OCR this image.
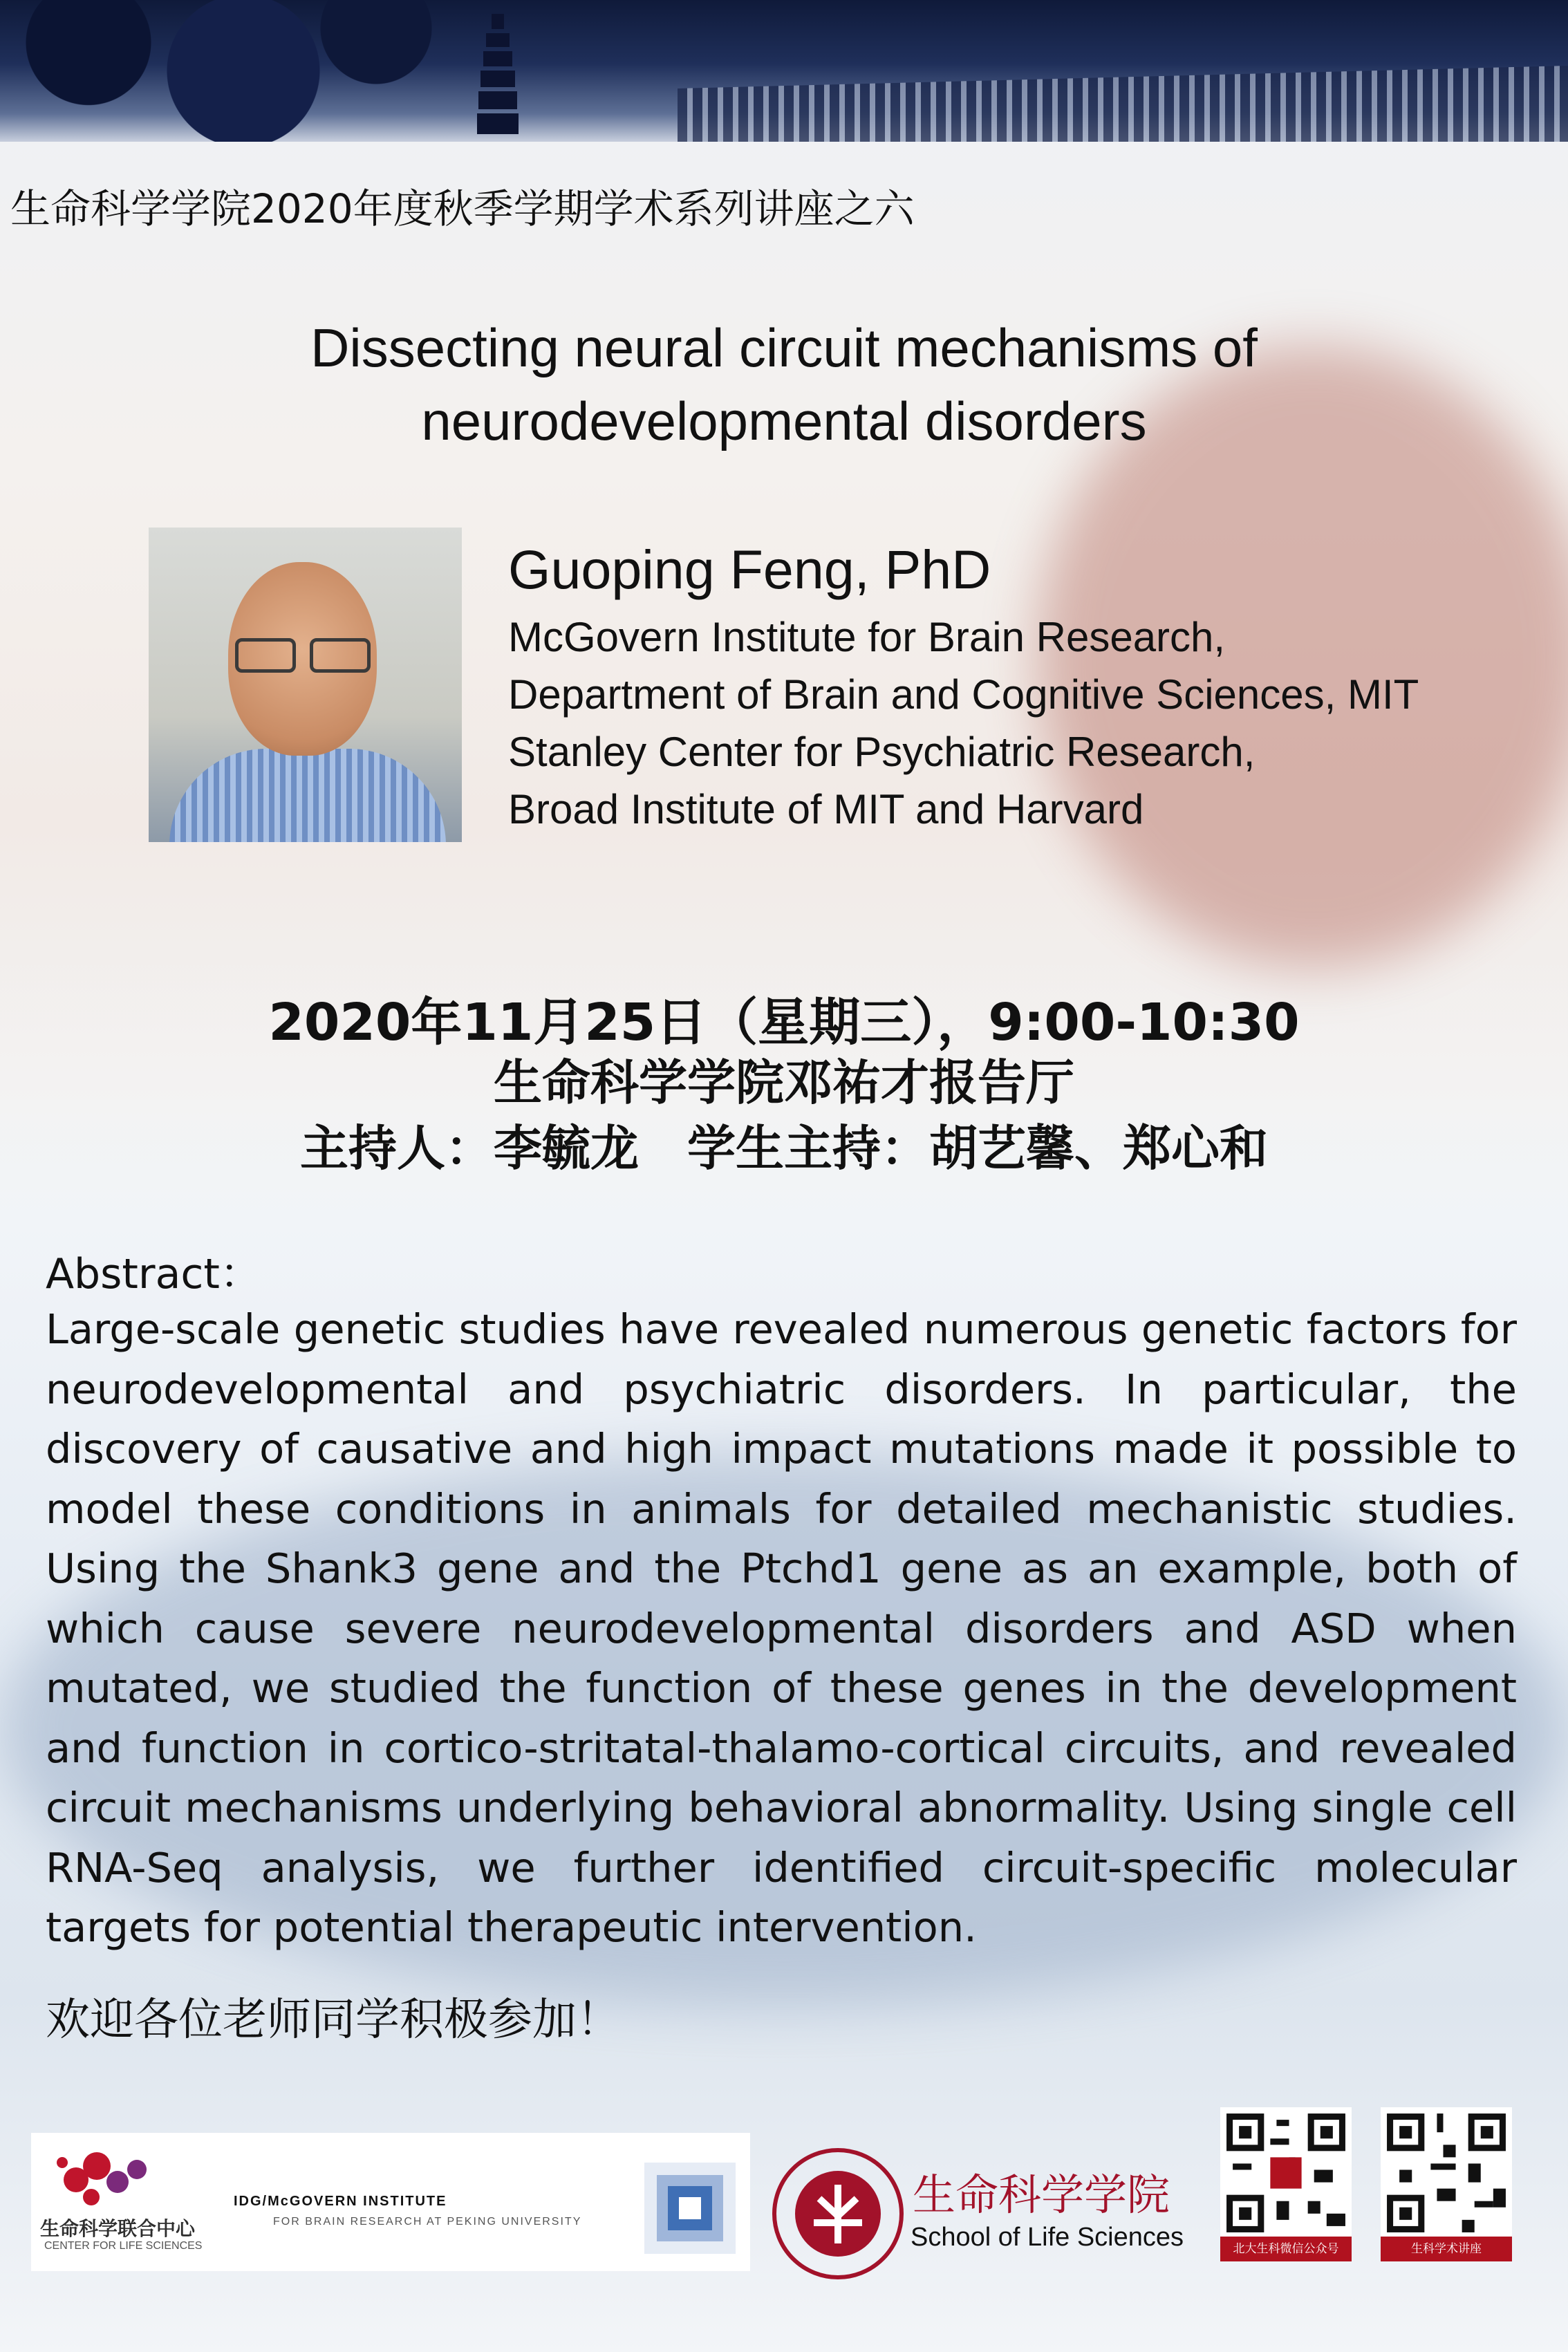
生命科学学院2020年度秋季学期学术系列讲座之六
Dissecting neural circuit mechanisms of
neurodevelopmental disorders
Guoping Feng, PhD
McGovern Institute for Brain Research,
Department of Brain and Cognitive Sciences, MIT
Stanley Center for Psychiatric Research,
Broad Institute of MIT and Harvard
2020年11月25日（星期三），9:00-10:30
生命科学学院邓祐才报告厅
主持人：李毓龙　学生主持：胡艺馨、郑心和
Abstract：
Large-scale genetic studies have revealed numerous genetic factors for neurodevelopmental and psychiatric disorders. In particular, the discovery of causative and high impact mutations made it possible to model these conditions in animals for detailed mechanistic studies. Using the Shank3 gene and the Ptchd1 gene as an example, both of which cause severe neurodevelopmental disorders and ASD when mutated, we studied the function of these genes in the development and function in cortico-stritatal-thalamo-cortical circuits, and revealed circuit mechanisms underlying behavioral abnormality. Using single cell RNA-Seq analysis, we further identified circuit-specific molecular targets for potential therapeutic intervention.
欢迎各位老师同学积极参加！
生命科学联合中心
CENTER FOR LIFE SCIENCES
IDG/McGOVERN INSTITUTE
FOR BRAIN RESEARCH AT PEKING UNIVERSITY
生命科学学院
School of Life Sciences	北大生科微信公众号	生科学术讲座
